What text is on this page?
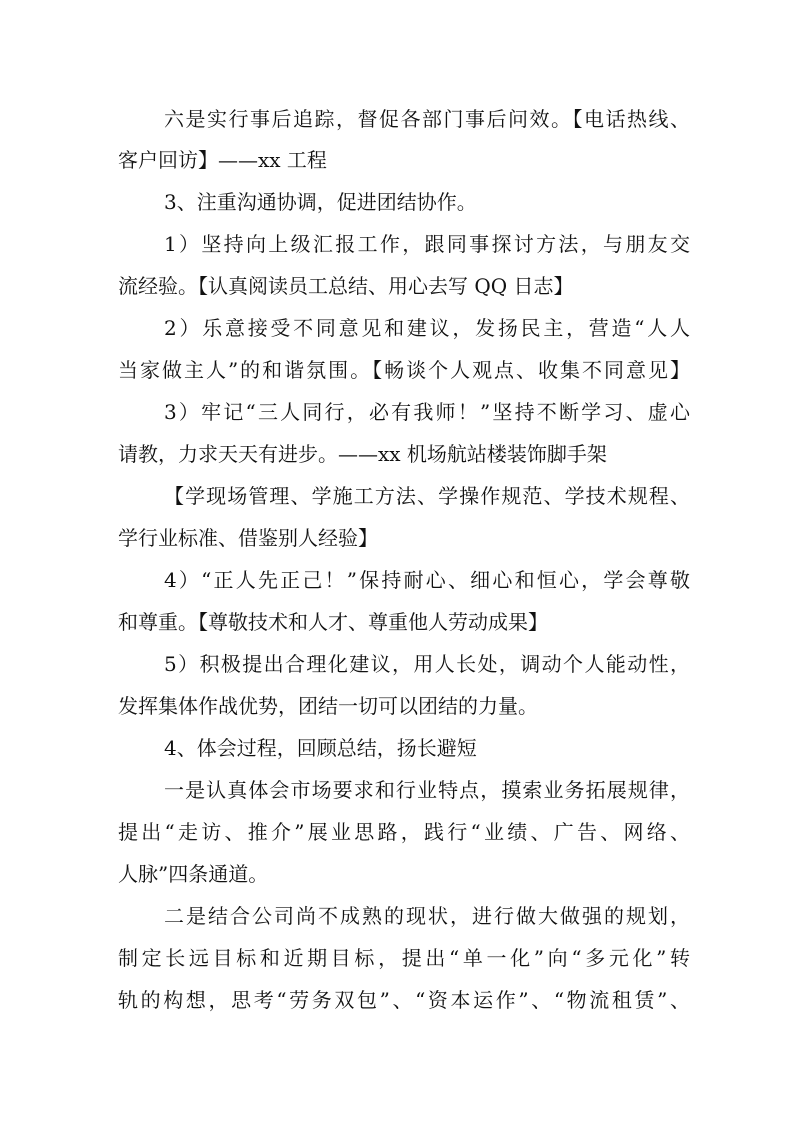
六是实行事后追踪，督促各部门事后问效。【电话热线、
客户回访】——xx 工程
3、注重沟通协调，促进团结协作。
1）坚持向上级汇报工作，跟同事探讨方法，与朋友交
流经验。【认真阅读员工总结、用心去写 QQ 日志】
2）乐意接受不同意见和建议，发扬民主，营造“人人
当家做主人”的和谐氛围。【畅谈个人观点、收集不同意见】
3）牢记“三人同行，必有我师！”坚持不断学习、虚心
请教，力求天天有进步。——xx 机场航站楼装饰脚手架
【学现场管理、学施工方法、学操作规范、学技术规程、
学行业标准、借鉴别人经验】
4）“正人先正己！”保持耐心、细心和恒心，学会尊敬
和尊重。【尊敬技术和人才、尊重他人劳动成果】
5）积极提出合理化建议，用人长处，调动个人能动性，
发挥集体作战优势，团结一切可以团结的力量。
4、体会过程，回顾总结，扬长避短
一是认真体会市场要求和行业特点，摸索业务拓展规律，
提出“走访、推介”展业思路，践行“业绩、广告、网络、
人脉”四条通道。
二是结合公司尚不成熟的现状，进行做大做强的规划，
制定长远目标和近期目标，提出“单一化”向“多元化”转
轨的构想，思考“劳务双包”、“资本运作”、“物流租赁”、
